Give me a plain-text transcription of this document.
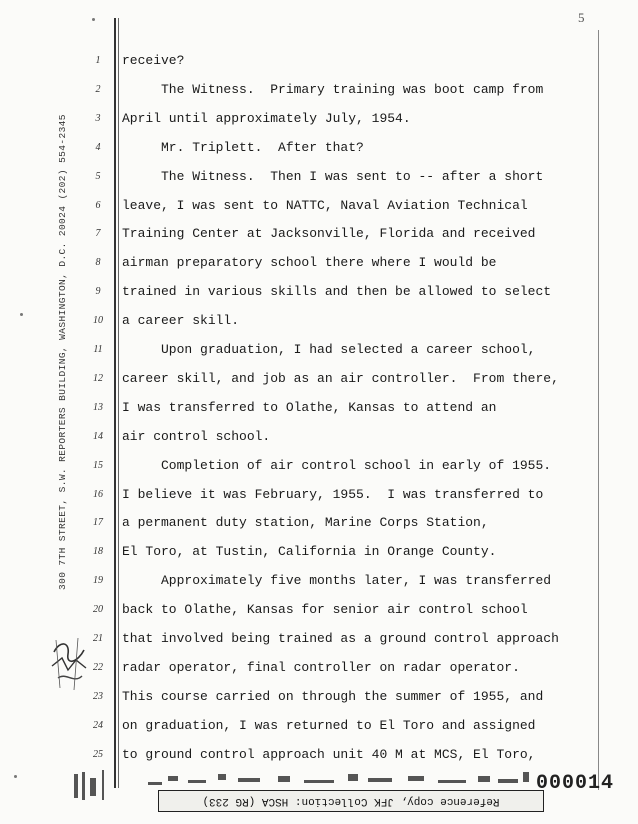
5
300 7TH STREET, S.W. REPORTERS BUILDING, WASHINGTON, D.C. 20024 (202) 554-2345
1	receive?
2	The Witness.  Primary training was boot camp from
3	April until approximately July, 1954.
4	Mr. Triplett.  After that?
5	The Witness.  Then I was sent to -- after a short
6	leave, I was sent to NATTC, Naval Aviation Technical
7	Training Center at Jacksonville, Florida and received
8	airman preparatory school there where I would be
9	trained in various skills and then be allowed to select
10	a career skill.
11	Upon graduation, I had selected a career school,
12	career skill, and job as an air controller.  From there,
13	I was transferred to Olathe, Kansas to attend an
14	air control school.
15	Completion of air control school in early of 1955.
16	I believe it was February, 1955.  I was transferred to
17	a permanent duty station, Marine Corps Station,
18	El Toro, at Tustin, California in Orange County.
19	Approximately five months later, I was transferred
20	back to Olathe, Kansas for senior air control school
21	that involved being trained as a ground control approach
22	radar operator, final controller on radar operator.
23	This course carried on through the summer of 1955, and
24	on graduation, I was returned to El Toro and assigned
25	to ground control approach unit 40 M at MCS, El Toro,
Reference copy, JFK Collection: HSCA (RG 233)
000014
